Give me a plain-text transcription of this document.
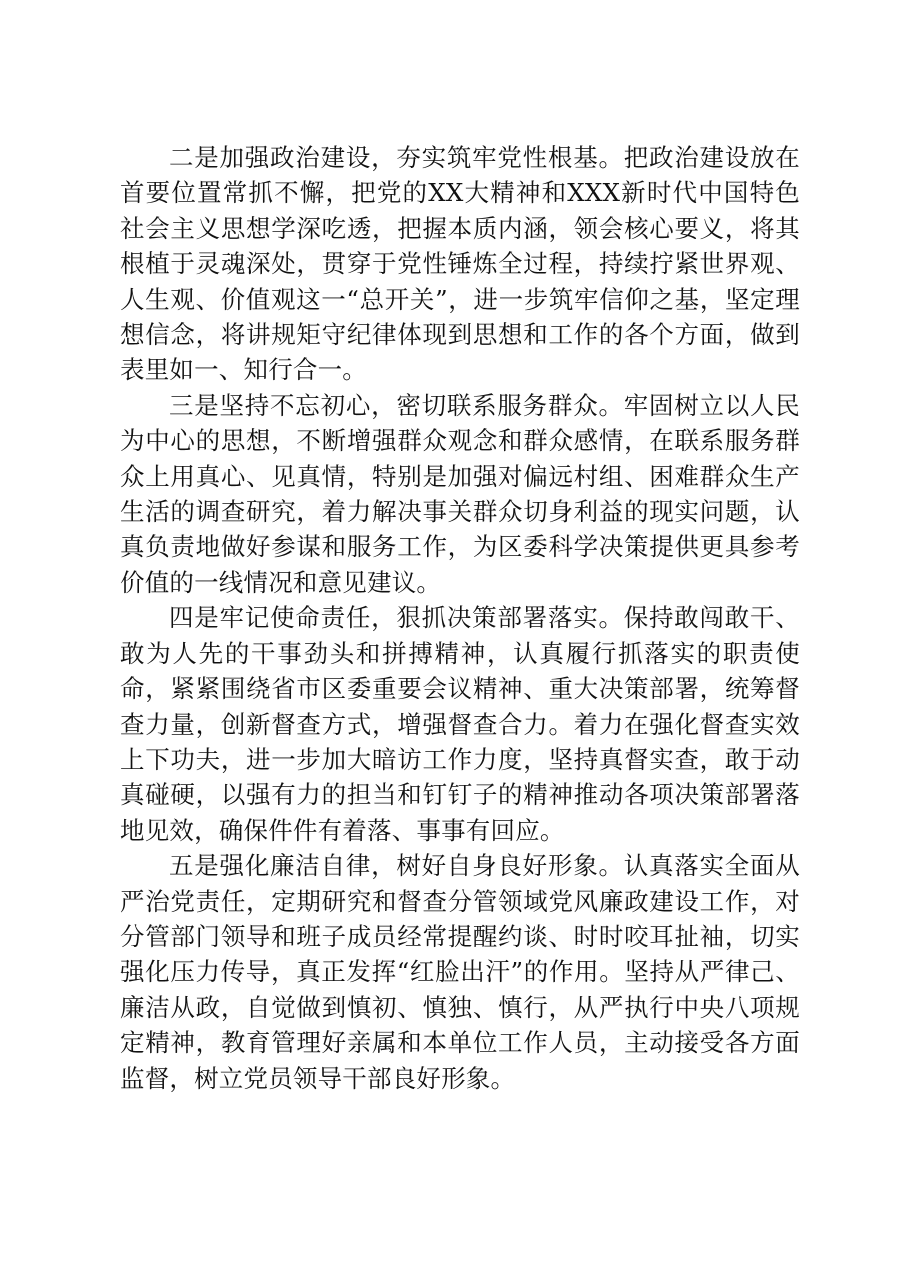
二是加强政治建设，夯实筑牢党性根基。把政治建设放在首要位置常抓不懈，把党的XX大精神和XXX新时代中国特色社会主义思想学深吃透，把握本质内涵，领会核心要义，将其根植于灵魂深处，贯穿于党性锤炼全过程，持续拧紧世界观、人生观、价值观这一“总开关”，进一步筑牢信仰之基，坚定理想信念，将讲规矩守纪律体现到思想和工作的各个方面，做到表里如一、知行合一。

三是坚持不忘初心，密切联系服务群众。牢固树立以人民为中心的思想，不断增强群众观念和群众感情，在联系服务群众上用真心、见真情，特别是加强对偏远村组、困难群众生产生活的调查研究，着力解决事关群众切身利益的现实问题，认真负责地做好参谋和服务工作，为区委科学决策提供更具参考价值的一线情况和意见建议。

四是牢记使命责任，狠抓决策部署落实。保持敢闯敢干、敢为人先的干事劲头和拼搏精神，认真履行抓落实的职责使命，紧紧围绕省市区委重要会议精神、重大决策部署，统筹督查力量，创新督查方式，增强督查合力。着力在强化督查实效上下功夫，进一步加大暗访工作力度，坚持真督实查，敢于动真碰硬，以强有力的担当和钉钉子的精神推动各项决策部署落地见效，确保件件有着落、事事有回应。

五是强化廉洁自律，树好自身良好形象。认真落实全面从严治党责任，定期研究和督查分管领域党风廉政建设工作，对分管部门领导和班子成员经常提醒约谈、时时咬耳扯袖，切实强化压力传导，真正发挥“红脸出汗”的作用。坚持从严律己、廉洁从政，自觉做到慎初、慎独、慎行，从严执行中央八项规定精神，教育管理好亲属和本单位工作人员，主动接受各方面监督，树立党员领导干部良好形象。
